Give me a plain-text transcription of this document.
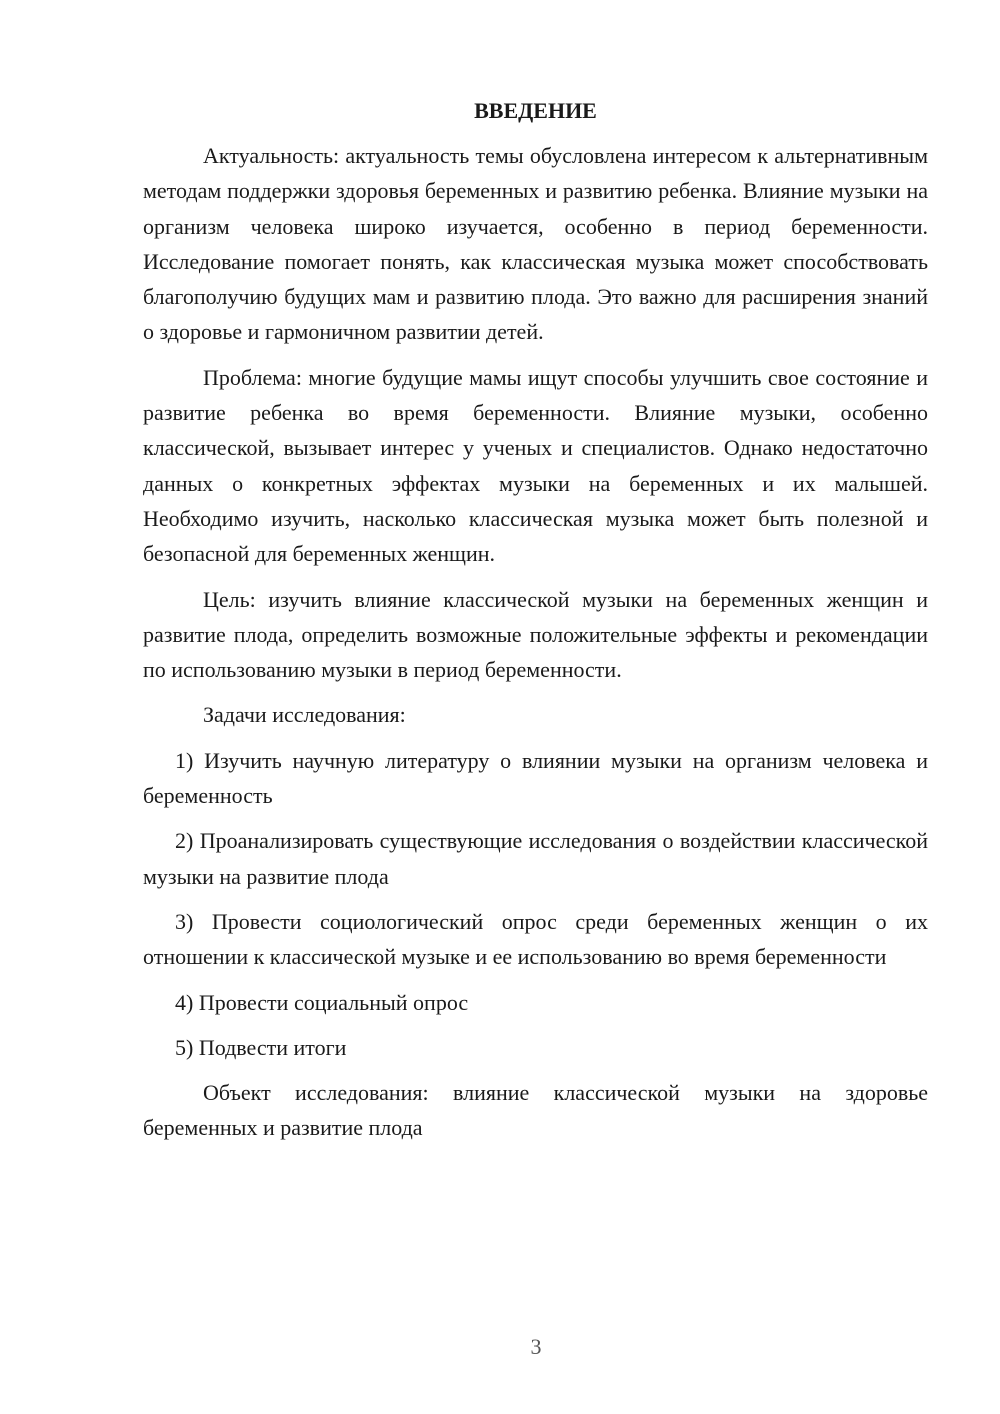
ВВЕДЕНИЕ

Актуальность: актуальность темы обусловлена интересом к альтернативным методам поддержки здоровья беременных и развитию ребенка. Влияние музыки на организм человека широко изучается, особенно в период беременности. Исследование помогает понять, как классическая музыка может способствовать благополучию будущих мам и развитию плода. Это важно для расширения знаний о здоровье и гармоничном развитии детей.

Проблема: многие будущие мамы ищут способы улучшить свое состояние и развитие ребенка во время беременности. Влияние музыки, особенно классической, вызывает интерес у ученых и специалистов. Однако недостаточно данных о конкретных эффектах музыки на беременных и их малышей. Необходимо изучить, насколько классическая музыка может быть полезной и безопасной для беременных женщин.

Цель: изучить влияние классической музыки на беременных женщин и развитие плода, определить возможные положительные эффекты и рекомендации по использованию музыки в период беременности.

Задачи исследования:

1) Изучить научную литературу о влиянии музыки на организм человека и беременность

2) Проанализировать существующие исследования о воздействии классической музыки на развитие плода

3) Провести социологический опрос среди беременных женщин о их отношении к классической музыке и ее использованию во время беременности

4) Провести социальный опрос

5) Подвести итоги

Объект исследования: влияние классической музыки на здоровье беременных и развитие плода

3
